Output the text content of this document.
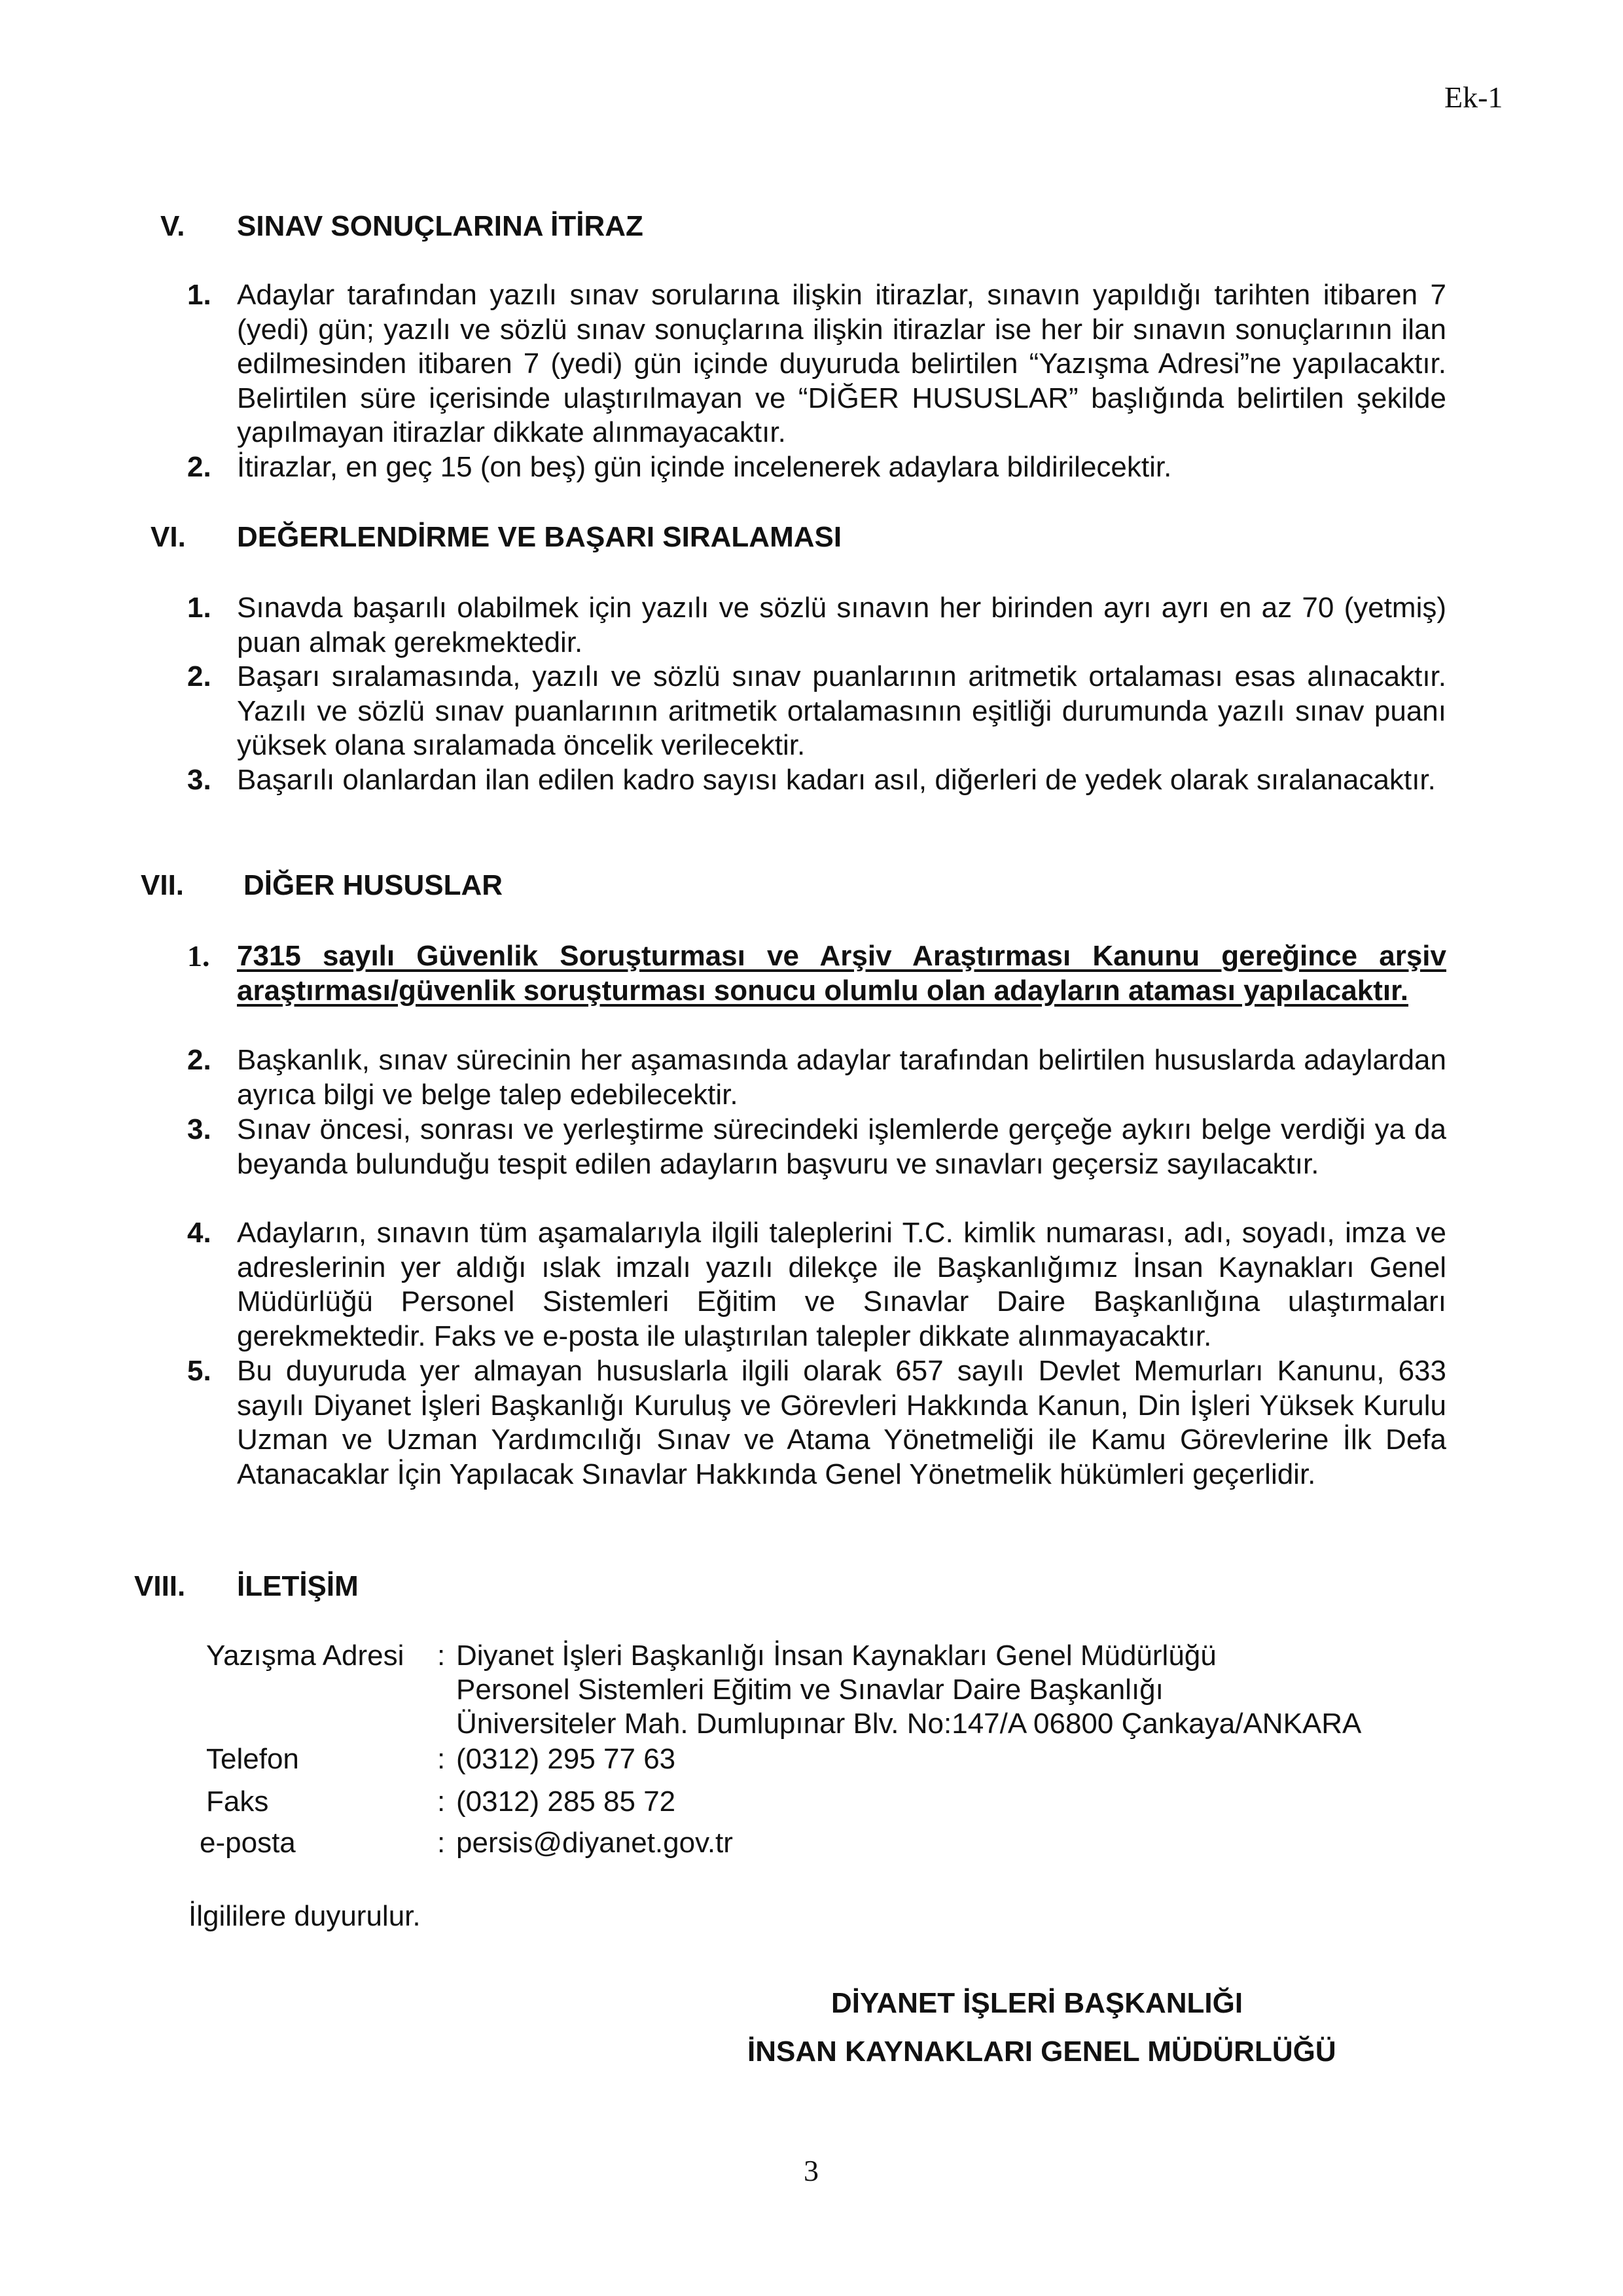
Ek-1
V. SINAV SONUÇLARINA İTİRAZ
1. Adaylar tarafından yazılı sınav sorularına ilişkin itirazlar, sınavın yapıldığı tarihten itibaren 7 (yedi) gün; yazılı ve sözlü sınav sonuçlarına ilişkin itirazlar ise her bir sınavın sonuçlarının ilan edilmesinden itibaren 7 (yedi) gün içinde duyuruda belirtilen “Yazışma Adresi”ne yapılacaktır. Belirtilen süre içerisinde ulaştırılmayan ve “DİĞER HUSUSLAR” başlığında belirtilen şekilde yapılmayan itirazlar dikkate alınmayacaktır.
2. İtirazlar, en geç 15 (on beş) gün içinde incelenerek adaylara bildirilecektir.
VI. DEĞERLENDİRME VE BAŞARI SIRALAMASI
1. Sınavda başarılı olabilmek için yazılı ve sözlü sınavın her birinden ayrı ayrı en az 70 (yetmiş) puan almak gerekmektedir.
2. Başarı sıralamasında, yazılı ve sözlü sınav puanlarının aritmetik ortalaması esas alınacaktır. Yazılı ve sözlü sınav puanlarının aritmetik ortalamasının eşitliği durumunda yazılı sınav puanı yüksek olana sıralamada öncelik verilecektir.
3. Başarılı olanlardan ilan edilen kadro sayısı kadarı asıl, diğerleri de yedek olarak sıralanacaktır.
VII. DİĞER HUSUSLAR
1. 7315 sayılı Güvenlik Soruşturması ve Arşiv Araştırması Kanunu gereğince arşiv araştırması/güvenlik soruşturması sonucu olumlu olan adayların ataması yapılacaktır.
2. Başkanlık, sınav sürecinin her aşamasında adaylar tarafından belirtilen hususlarda adaylardan ayrıca bilgi ve belge talep edebilecektir.
3. Sınav öncesi, sonrası ve yerleştirme sürecindeki işlemlerde gerçeğe aykırı belge verdiği ya da beyanda bulunduğu tespit edilen adayların başvuru ve sınavları geçersiz sayılacaktır.
4. Adayların, sınavın tüm aşamalarıyla ilgili taleplerini T.C. kimlik numarası, adı, soyadı, imza ve adreslerinin yer aldığı ıslak imzalı yazılı dilekçe ile Başkanlığımız İnsan Kaynakları Genel Müdürlüğü Personel Sistemleri Eğitim ve Sınavlar Daire Başkanlığına ulaştırmaları gerekmektedir. Faks ve e-posta ile ulaştırılan talepler dikkate alınmayacaktır.
5. Bu duyuruda yer almayan hususlarla ilgili olarak 657 sayılı Devlet Memurları Kanunu, 633 sayılı Diyanet İşleri Başkanlığı Kuruluş ve Görevleri Hakkında Kanun, Din İşleri Yüksek Kurulu Uzman ve Uzman Yardımcılığı Sınav ve Atama Yönetmeliği ile Kamu Görevlerine İlk Defa Atanacaklar İçin Yapılacak Sınavlar Hakkında Genel Yönetmelik hükümleri geçerlidir.
VIII. İLETİŞİM
Yazışma Adresi : Diyanet İşleri Başkanlığı İnsan Kaynakları Genel Müdürlüğü
Personel Sistemleri Eğitim ve Sınavlar Daire Başkanlığı
Üniversiteler Mah. Dumlupınar Blv. No:147/A 06800 Çankaya/ANKARA
Telefon	: (0312) 295 77 63
Faks	: (0312) 285 85 72
e-posta	: persis@diyanet.gov.tr
İlgililere duyurulur.
DİYANET İŞLERİ BAŞKANLIĞI
İNSAN KAYNAKLARI GENEL MÜDÜRLÜĞÜ
3
